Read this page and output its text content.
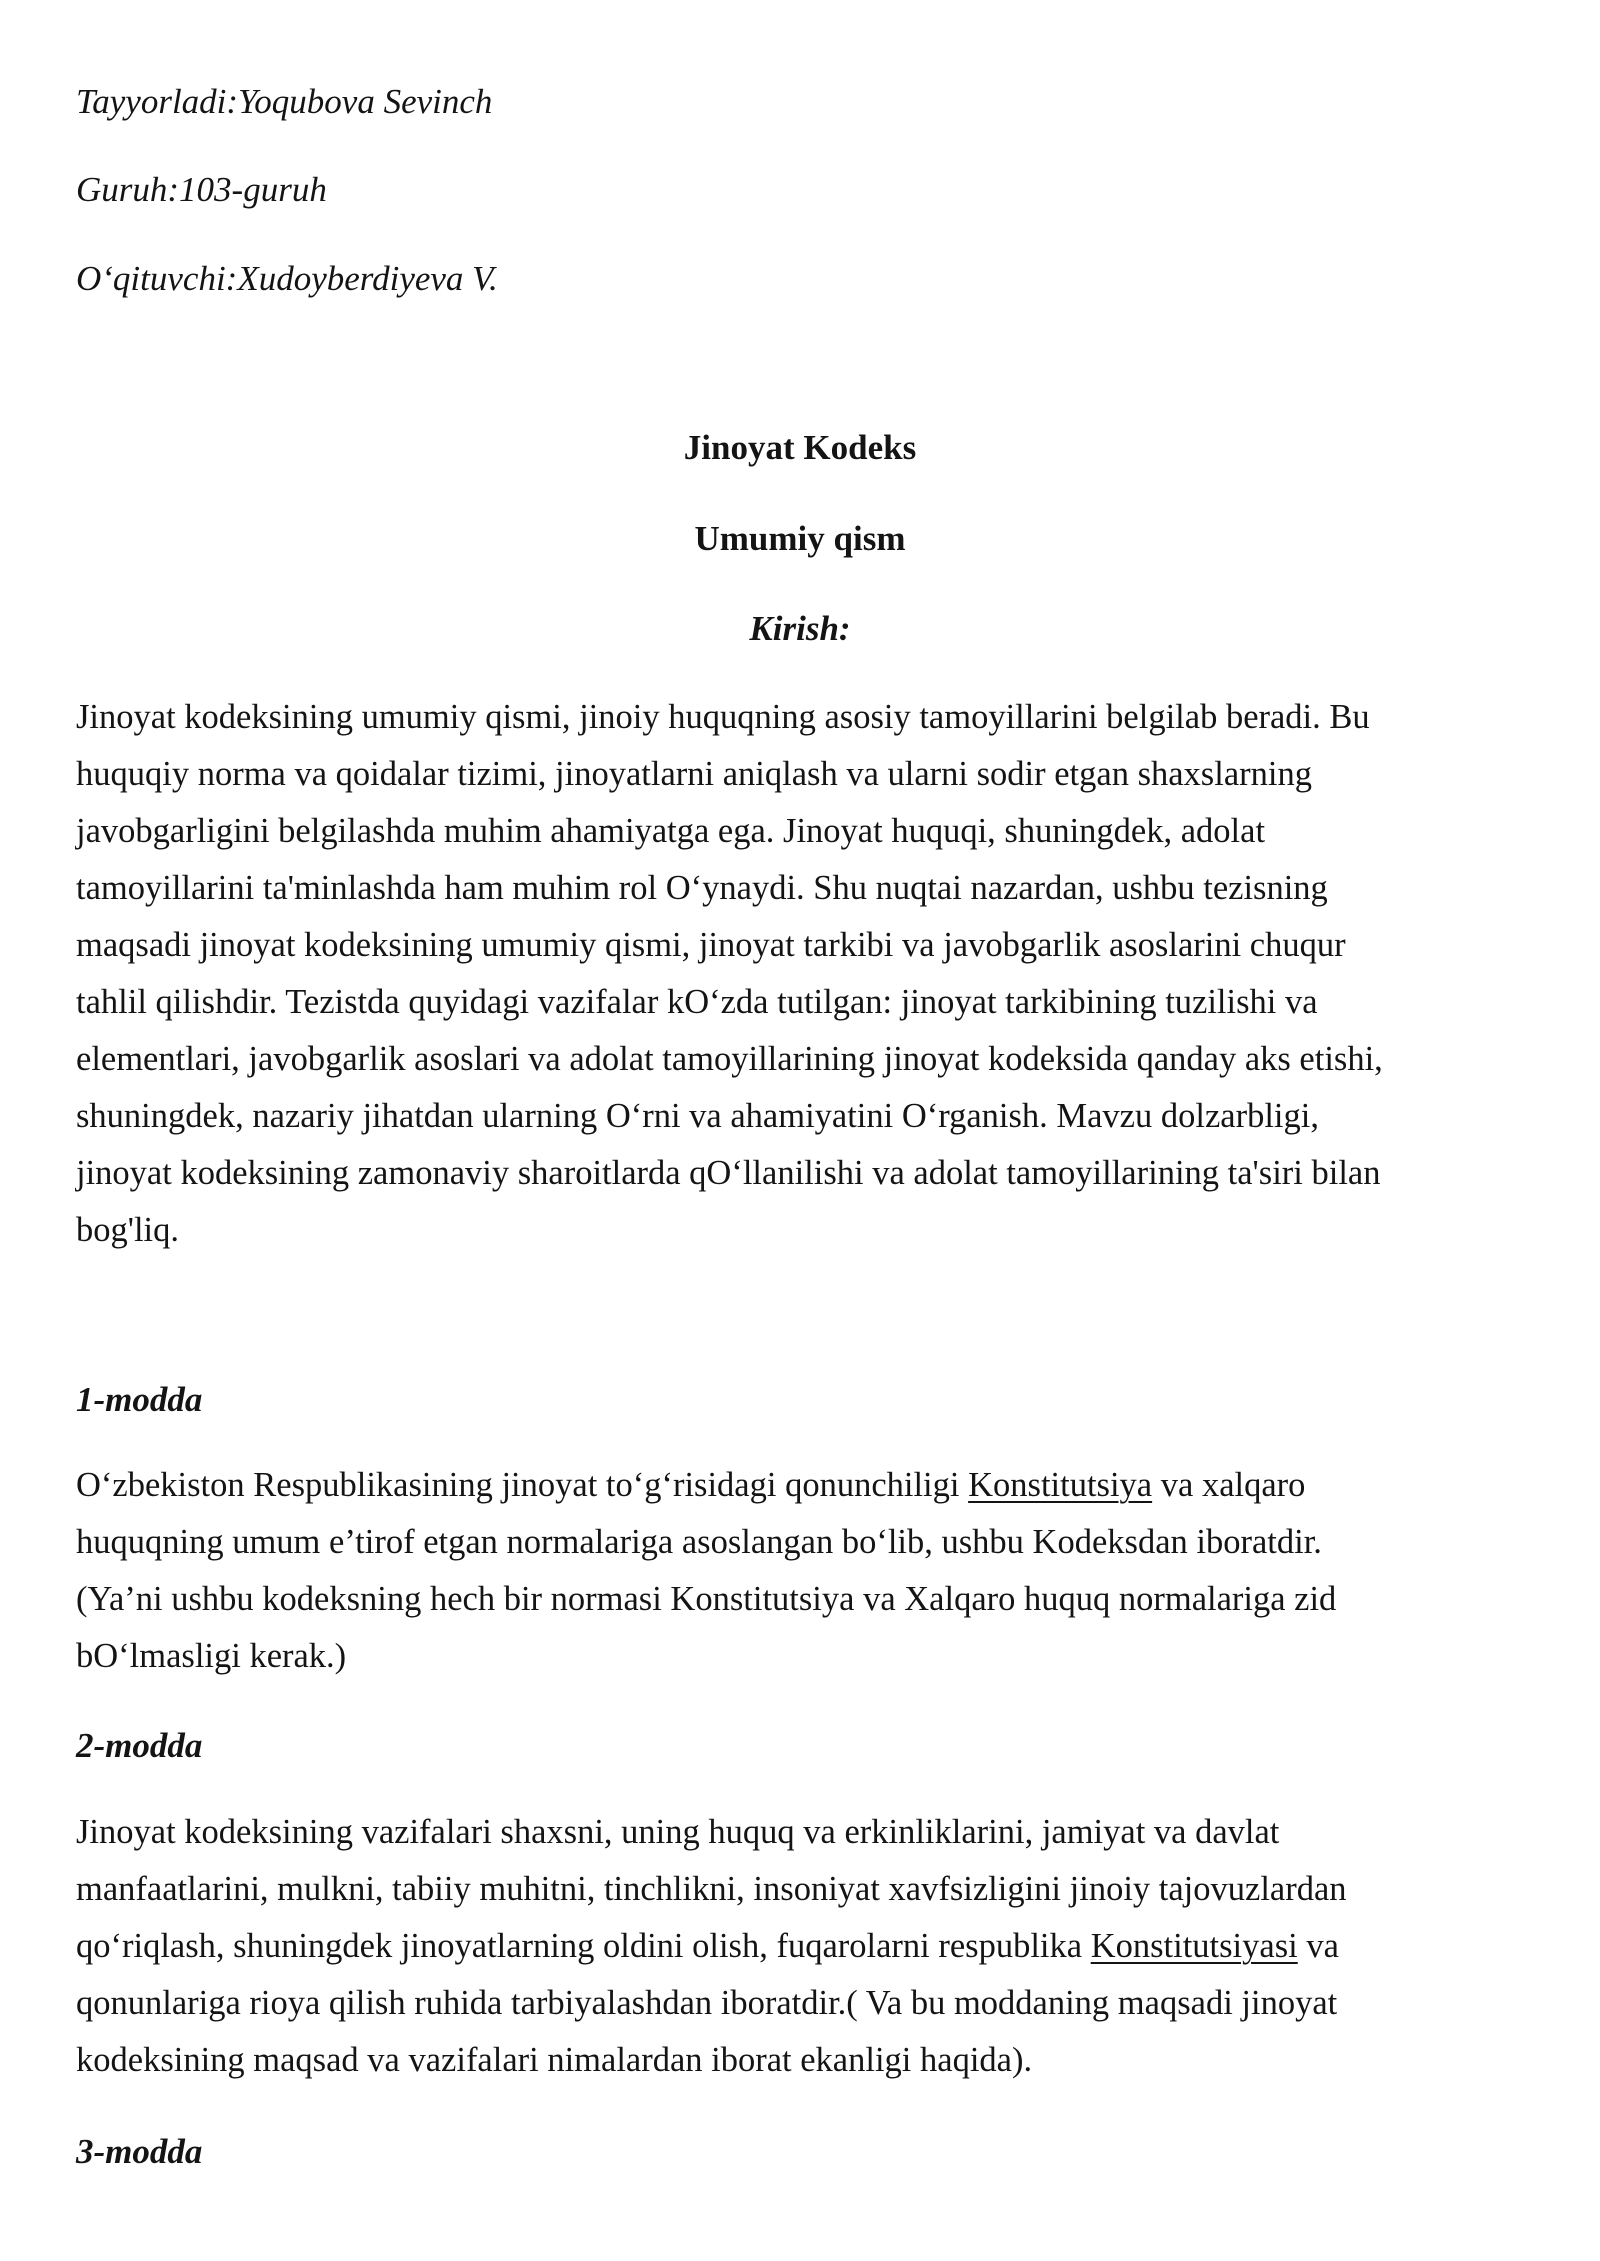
Tayyorladi:Yoqubova Sevinch
Guruh:103-guruh
O‘qituvchi:Xudoyberdiyeva V.
Jinoyat Kodeks
Umumiy qism
Kirish:
Jinoyat kodeksining umumiy qismi, jinoiy huquqning asosiy tamoyillarini belgilab beradi. Bu
huquqiy norma va qoidalar tizimi, jinoyatlarni aniqlash va ularni sodir etgan shaxslarning
javobgarligini belgilashda muhim ahamiyatga ega. Jinoyat huquqi, shuningdek, adolat
tamoyillarini ta'minlashda ham muhim rol O‘ynaydi. Shu nuqtai nazardan, ushbu tezisning
maqsadi jinoyat kodeksining umumiy qismi, jinoyat tarkibi va javobgarlik asoslarini chuqur
tahlil qilishdir. Tezistda quyidagi vazifalar kO‘zda tutilgan: jinoyat tarkibining tuzilishi va
elementlari, javobgarlik asoslari va adolat tamoyillarining jinoyat kodeksida qanday aks etishi,
shuningdek, nazariy jihatdan ularning O‘rni va ahamiyatini O‘rganish. Mavzu dolzarbligi,
jinoyat kodeksining zamonaviy sharoitlarda qO‘llanilishi va adolat tamoyillarining ta'siri bilan
bog'liq.
1-modda
O‘zbekiston Respublikasining jinoyat to‘g‘risidagi qonunchiligi Konstitutsiya va xalqaro
huquqning umum e’tirof etgan normalariga asoslangan bo‘lib, ushbu Kodeksdan iboratdir.
(Ya’ni ushbu kodeksning hech bir normasi Konstitutsiya va Xalqaro huquq normalariga zid
bO‘lmasligi kerak.)
2-modda
Jinoyat kodeksining vazifalari shaxsni, uning huquq va erkinliklarini, jamiyat va davlat
manfaatlarini, mulkni, tabiiy muhitni, tinchlikni, insoniyat xavfsizligini jinoiy tajovuzlardan
qo‘riqlash, shuningdek jinoyatlarning oldini olish, fuqarolarni respublika Konstitutsiyasi va
qonunlariga rioya qilish ruhida tarbiyalashdan iboratdir.( Va bu moddaning maqsadi jinoyat
kodeksining maqsad va vazifalari nimalardan iborat ekanligi haqida).
3-modda
